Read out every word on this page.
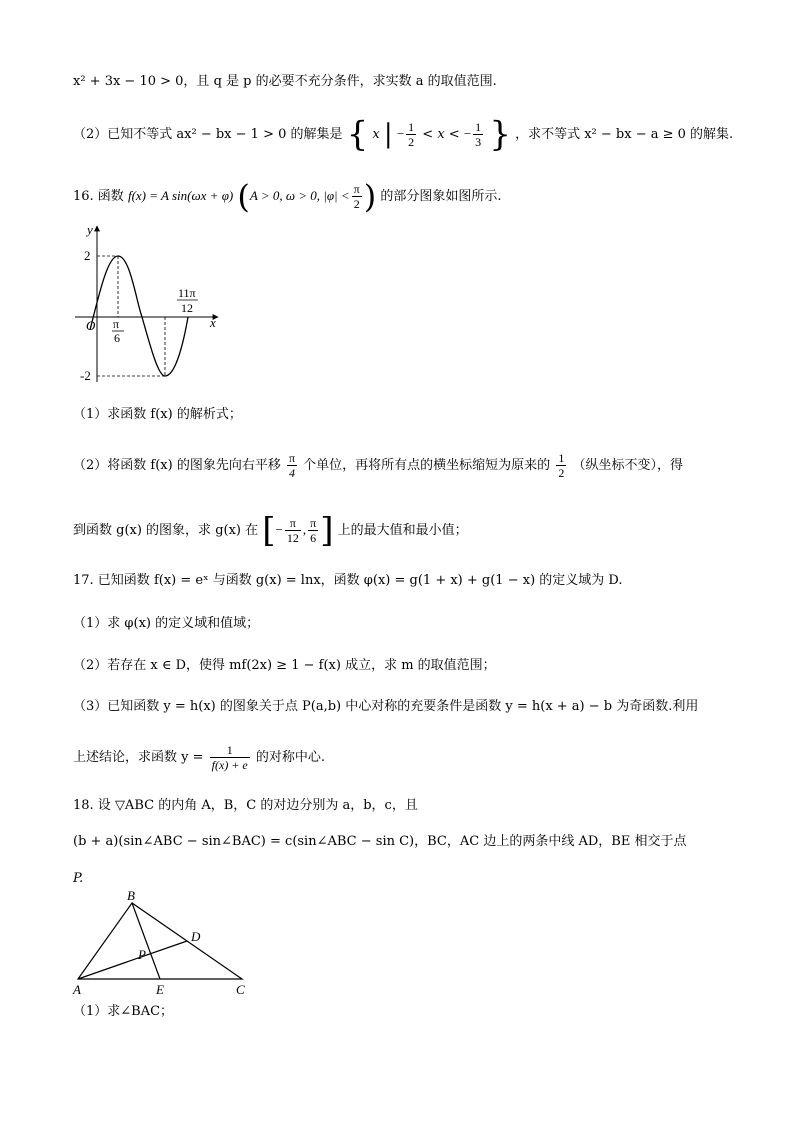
x² + 3x − 10 > 0，且 q 是 p 的必要不充分条件，求实数 a 的取值范围.
（2）已知不等式 ax² − bx − 1 > 0 的解集是 { x | − $\frac{1}{2} < x$ < − $\frac{1}{3}$ } ，求不等式 x² − bx − a ≥ 0 的解集.
16. 函数 f(x) = A sin(ωx + φ) (A > 0, ω > 0, $|\varphi| < \frac{\pi}{2}$ ) 的部分图象如图所示.
y
x
O
2
-2
π
6
11π
12
（1）求函数 f(x) 的解析式；
（2）将函数 f(x) 的图象先向右平移 $\frac{\pi}{4}$ 个单位，再将所有点的横坐标缩短为原来的 $\frac{1}{2}$ （纵坐标不变），得
到函数 g(x) 的图象，求 g(x) 在 [− $\frac{\pi}{12}$ , $\frac{\pi}{6}$ ] 上的最大值和最小值；
17. 已知函数 f(x) = eˣ 与函数 g(x) = lnx，函数 φ(x) = g(1 + x) + g(1 − x) 的定义域为 D.
（1）求 φ(x) 的定义域和值域；
（2）若存在 x ∈ D，使得 mf(2x) ≥ 1 − f(x) 成立，求 m 的取值范围；
（3）已知函数 y = h(x) 的图象关于点 P(a,b) 中心对称的充要条件是函数 y = h(x + a) − b 为奇函数.利用
上述结论，求函数 $y = \frac{1}{f(x) + e}$ 的对称中心.
18. 设 ▽ABC 的内角 A，B，C 的对边分别为 a，b，c，且
(b + a)(sin∠ABC − sin∠BAC) = c(sin∠ABC − sin C)，BC，AC 边上的两条中线 AD，BE 相交于点
P.
B
A	C
D
E
P
（1）求∠BAC；
